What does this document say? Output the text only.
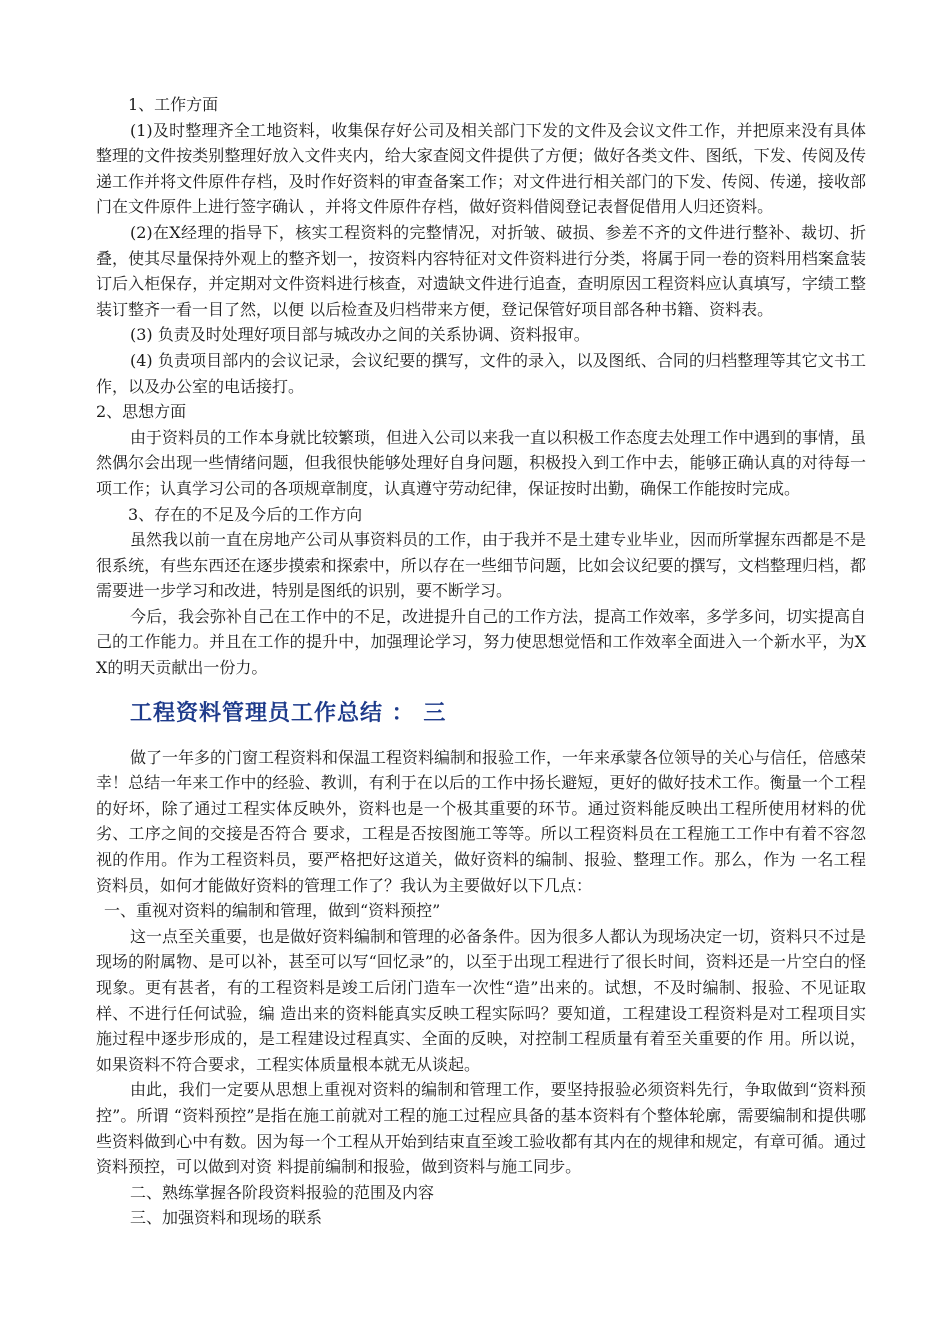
1、工作方面

(1)及时整理齐全工地资料，收集保存好公司及相关部门下发的文件及会议文件工作，并把原来没有具体整理的文件按类别整理好放入文件夹内，给大家查阅文件提供了方便；做好各类文件、图纸，下发、传阅及传递工作并将文件原件存档，及时作好资料的审查备案工作；对文件进行相关部门的下发、传阅、传递，接收部门在文件原件上进行签字确认 ，并将文件原件存档，做好资料借阅登记表督促借用人归还资料。

(2)在X经理的指导下，核实工程资料的完整情况，对折皱、破损、参差不齐的文件进行整补、裁切、折叠，使其尽量保持外观上的整齐划一，按资料内容特征对文件资料进行分类，将属于同一卷的资料用档案盒装订后入柜保存，并定期对文件资料进行核查，对遗缺文件进行追查，查明原因工程资料应认真填写，字绩工整装订整齐一看一目了然，以便 以后检查及归档带来方便，登记保管好项目部各种书籍、资料表。

(3) 负责及时处理好项目部与城改办之间的关系协调、资料报审。

(4) 负责项目部内的会议记录，会议纪要的撰写，文件的录入，以及图纸、合同的归档整理等其它文书工作，以及办公室的电话接打。

2、思想方面

由于资料员的工作本身就比较繁琐，但进入公司以来我一直以积极工作态度去处理工作中遇到的事情，虽然偶尔会出现一些情绪问题，但我很快能够处理好自身问题，积极投入到工作中去，能够正确认真的对待每一项工作；认真学习公司的各项规章制度，认真遵守劳动纪律，保证按时出勤，确保工作能按时完成。

3、存在的不足及今后的工作方向

虽然我以前一直在房地产公司从事资料员的工作，由于我并不是土建专业毕业，因而所掌握东西都是不是很系统，有些东西还在逐步摸索和探索中，所以存在一些细节问题，比如会议纪要的撰写，文档整理归档，都需要进一步学习和改进，特别是图纸的识别，要不断学习。

今后，我会弥补自己在工作中的不足，改进提升自己的工作方法，提高工作效率，多学多问，切实提高自己的工作能力。并且在工作的提升中，加强理论学习，努力使思想觉悟和工作效率全面进入一个新水平，为XX的明天贡献出一份力。

工程资料管理员工作总结 ： 三

做了一年多的门窗工程资料和保温工程资料编制和报验工作，一年来承蒙各位领导的关心与信任，倍感荣幸！总结一年来工作中的经验、教训，有利于在以后的工作中扬长避短，更好的做好技术工作。衡量一个工程的好坏，除了通过工程实体反映外，资料也是一个极其重要的环节。通过资料能反映出工程所使用材料的优劣、工序之间的交接是否符合 要求，工程是否按图施工等等。所以工程资料员在工程施工工作中有着不容忽视的作用。作为工程资料员，要严格把好这道关，做好资料的编制、报验、整理工作。那么，作为 一名工程资料员，如何才能做好资料的管理工作了？我认为主要做好以下几点：

一、重视对资料的编制和管理，做到“资料预控”

这一点至关重要，也是做好资料编制和管理的必备条件。因为很多人都认为现场决定一切，资料只不过是现场的附属物、是可以补，甚至可以写“回忆录”的，以至于出现工程进行了很长时间，资料还是一片空白的怪现象。更有甚者，有的工程资料是竣工后闭门造车一次性“造”出来的。试想，不及时编制、报验、不见证取样、不进行任何试验，编 造出来的资料能真实反映工程实际吗？要知道，工程建设工程资料是对工程项目实施过程中逐步形成的，是工程建设过程真实、全面的反映，对控制工程质量有着至关重要的作 用。所以说，如果资料不符合要求，工程实体质量根本就无从谈起。

由此，我们一定要从思想上重视对资料的编制和管理工作，要坚持报验必须资料先行，争取做到“资料预控”。所谓 “资料预控”是指在施工前就对工程的施工过程应具备的基本资料有个整体轮廓，需要编制和提供哪些资料做到心中有数。因为每一个工程从开始到结束直至竣工验收都有其内在的规律和规定，有章可循。通过资料预控，可以做到对资 料提前编制和报验，做到资料与施工同步。

二、熟练掌握各阶段资料报验的范围及内容

三、加强资料和现场的联系
